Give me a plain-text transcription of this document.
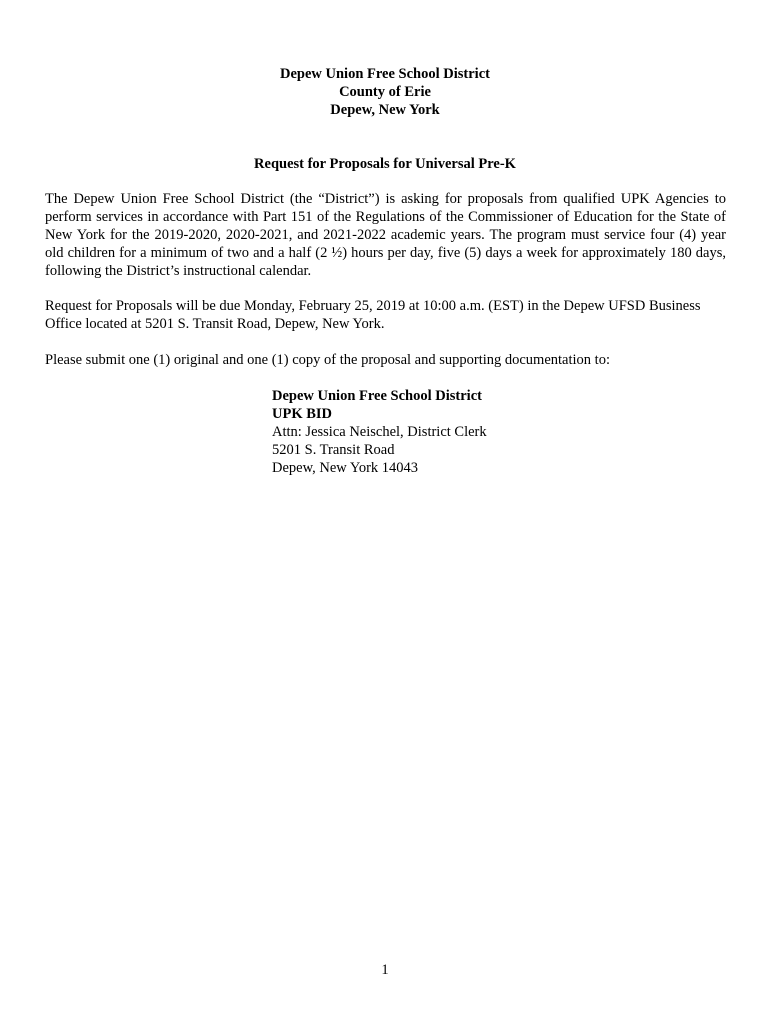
Depew Union Free School District
County of Erie
Depew, New York
Request for Proposals for Universal Pre-K

The Depew Union Free School District (the “District”) is asking for proposals from qualified UPK Agencies to perform services in accordance with Part 151 of the Regulations of the Commissioner of Education for the State of New York for the 2019-2020, 2020-2021, and 2021-2022 academic years. The program must service four (4) year old children for a minimum of two and a half (2 ½) hours per day, five (5) days a week for approximately 180 days, following the District’s instructional calendar.

Request for Proposals will be due Monday, February 25, 2019 at 10:00 a.m. (EST) in the Depew UFSD Business Office located at 5201 S. Transit Road, Depew, New York.

Please submit one (1) original and one (1) copy of the proposal and supporting documentation to:

Depew Union Free School District
UPK BID
Attn: Jessica Neischel, District Clerk
5201 S. Transit Road
Depew, New York 14043
1
